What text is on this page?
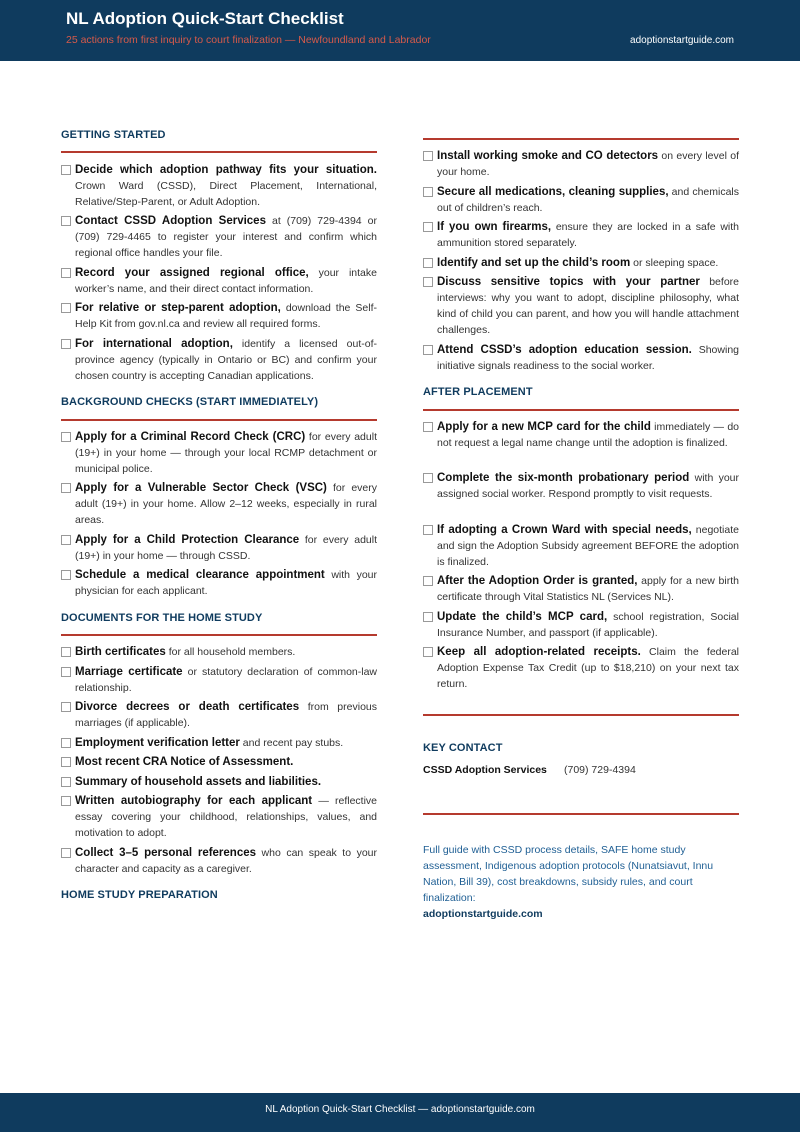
NL Adoption Quick-Start Checklist
25 actions from first inquiry to court finalization — Newfoundland and Labrador	adoptionstartguide.com
GETTING STARTED
Decide which adoption pathway fits your situation. Crown Ward (CSSD), Direct Placement, International, Relative/Step-Parent, or Adult Adoption.
Contact CSSD Adoption Services at (709) 729-4394 or (709) 729-4465 to register your interest and confirm which regional office handles your file.
Record your assigned regional office, your intake worker’s name, and their direct contact information.
For relative or step-parent adoption, download the Self-Help Kit from gov.nl.ca and review all required forms.
For international adoption, identify a licensed out-of-province agency (typically in Ontario or BC) and confirm your chosen country is accepting Canadian applications.
BACKGROUND CHECKS (START IMMEDIATELY)
Apply for a Criminal Record Check (CRC) for every adult (19+) in your home — through your local RCMP detachment or municipal police.
Apply for a Vulnerable Sector Check (VSC) for every adult (19+) in your home. Allow 2–12 weeks, especially in rural areas.
Apply for a Child Protection Clearance for every adult (19+) in your home — through CSSD.
Schedule a medical clearance appointment with your physician for each applicant.
DOCUMENTS FOR THE HOME STUDY
Birth certificates for all household members.
Marriage certificate or statutory declaration of common-law relationship.
Divorce decrees or death certificates from previous marriages (if applicable).
Employment verification letter and recent pay stubs.
Most recent CRA Notice of Assessment.
Summary of household assets and liabilities.
Written autobiography for each applicant — reflective essay covering your childhood, relationships, values, and motivation to adopt.
Collect 3–5 personal references who can speak to your character and capacity as a caregiver.
HOME STUDY PREPARATION
Install working smoke and CO detectors on every level of your home.
Secure all medications, cleaning supplies, and chemicals out of children’s reach.
If you own firearms, ensure they are locked in a safe with ammunition stored separately.
Identify and set up the child’s room or sleeping space.
Discuss sensitive topics with your partner before interviews: why you want to adopt, discipline philosophy, what kind of child you can parent, and how you will handle attachment challenges.
Attend CSSD’s adoption education session. Showing initiative signals readiness to the social worker.
AFTER PLACEMENT
Apply for a new MCP card for the child immediately — do not request a legal name change until the adoption is finalized.
Complete the six-month probationary period with your assigned social worker. Respond promptly to visit requests.
If adopting a Crown Ward with special needs, negotiate and sign the Adoption Subsidy agreement BEFORE the adoption is finalized.
After the Adoption Order is granted, apply for a new birth certificate through Vital Statistics NL (Services NL).
Update the child’s MCP card, school registration, Social Insurance Number, and passport (if applicable).
Keep all adoption-related receipts. Claim the federal Adoption Expense Tax Credit (up to $18,210) on your next tax return.
KEY CONTACT
CSSD Adoption Services (709) 729-4394
Full guide with CSSD process details, SAFE home study assessment, Indigenous adoption protocols (Nunatsiavut, Innu Nation, Bill 39), cost breakdowns, subsidy rules, and court finalization:
adoptionstartguide.com
NL Adoption Quick-Start Checklist — adoptionstartguide.com
